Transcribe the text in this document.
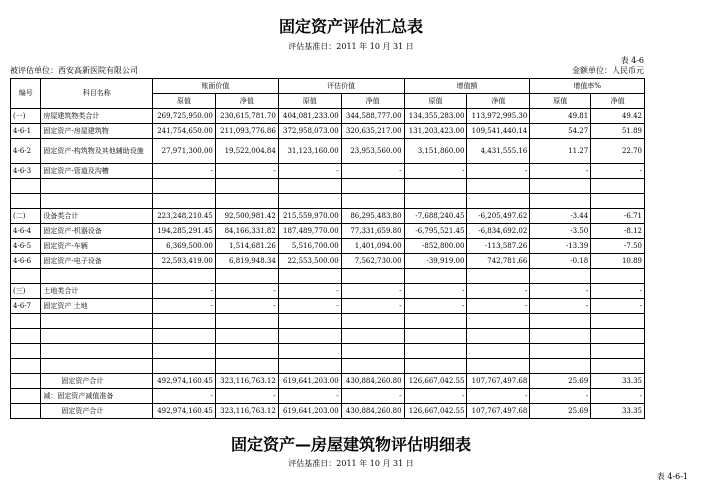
固定资产评估汇总表
评估基准日：2011 年 10 月 31 日
表 4-6
被评估单位：西安高新医院有限公司	金额单位：人民币元
编号	科目名称	账面价值		评估价值		增值额		增值率%	
		原值	净值	原值	净值	原值	净值	原值	净值
(一)	房屋建筑物类合计	269,725,950.00	230,615,781.70	404,081,233.00	344,588,777.00	134,355,283.00	113,972,995.30	49.81	49.42
4-6-1	固定资产-房屋建筑物	241,754,650.00	211,093,776.86	372,958,073.00	320,635,217.00	131,203,423.00	109,541,440.14	54.27	51.89
4-6-2	固定资产-构筑物及其他辅助设施	27,971,300.00	19,522,004.84	31,123,160.00	23,953,560.00	3,151,860.00	4,431,555.16	11.27	22.70
4-6-3	固定资产-管道及沟槽	-	-	-	-	-	-	-	-

(二)	设备类合计	223,248,210.45	92,500,981.42	215,559,970.00	86,295,483.80	-7,688,240.45	-6,205,497.62	-3.44	-6.71
4-6-4	固定资产-机器设备	194,285,291.45	84,166,331.82	187,489,770.00	77,331,659.80	-6,795,521.45	-6,834,692.02	-3.50	-8.12
4-6-5	固定资产-车辆	6,369,500.00	1,514,681.26	5,516,700.00	1,401,094.00	-852,800.00	-113,587.26	-13.39	-7.50
4-6-6	固定资产-电子设备	22,593,419.00	6,819,948.34	22,553,500.00	7,562,730.00	-39,919.00	742,781.66	-0.18	10.89

(三)	土地类合计	-	-	-	-	-	-	-	-
4-6-7	固定资产 土地	-	-	-	-	-	-	-	-

	固定资产合计	492,974,160.45	323,116,763.12	619,641,203.00	430,884,260.80	126,667,042.55	107,767,497.68	25.69	33.35
	减：固定资产减值准备	-	-	-	-	-	-	-	-
	固定资产合计	492,974,160.45	323,116,763.12	619,641,203.00	430,884,260.80	126,667,042.55	107,767,497.68	25.69	33.35
固定资产—房屋建筑物评估明细表
评估基准日：2011 年 10 月 31 日
表 4-6-1
